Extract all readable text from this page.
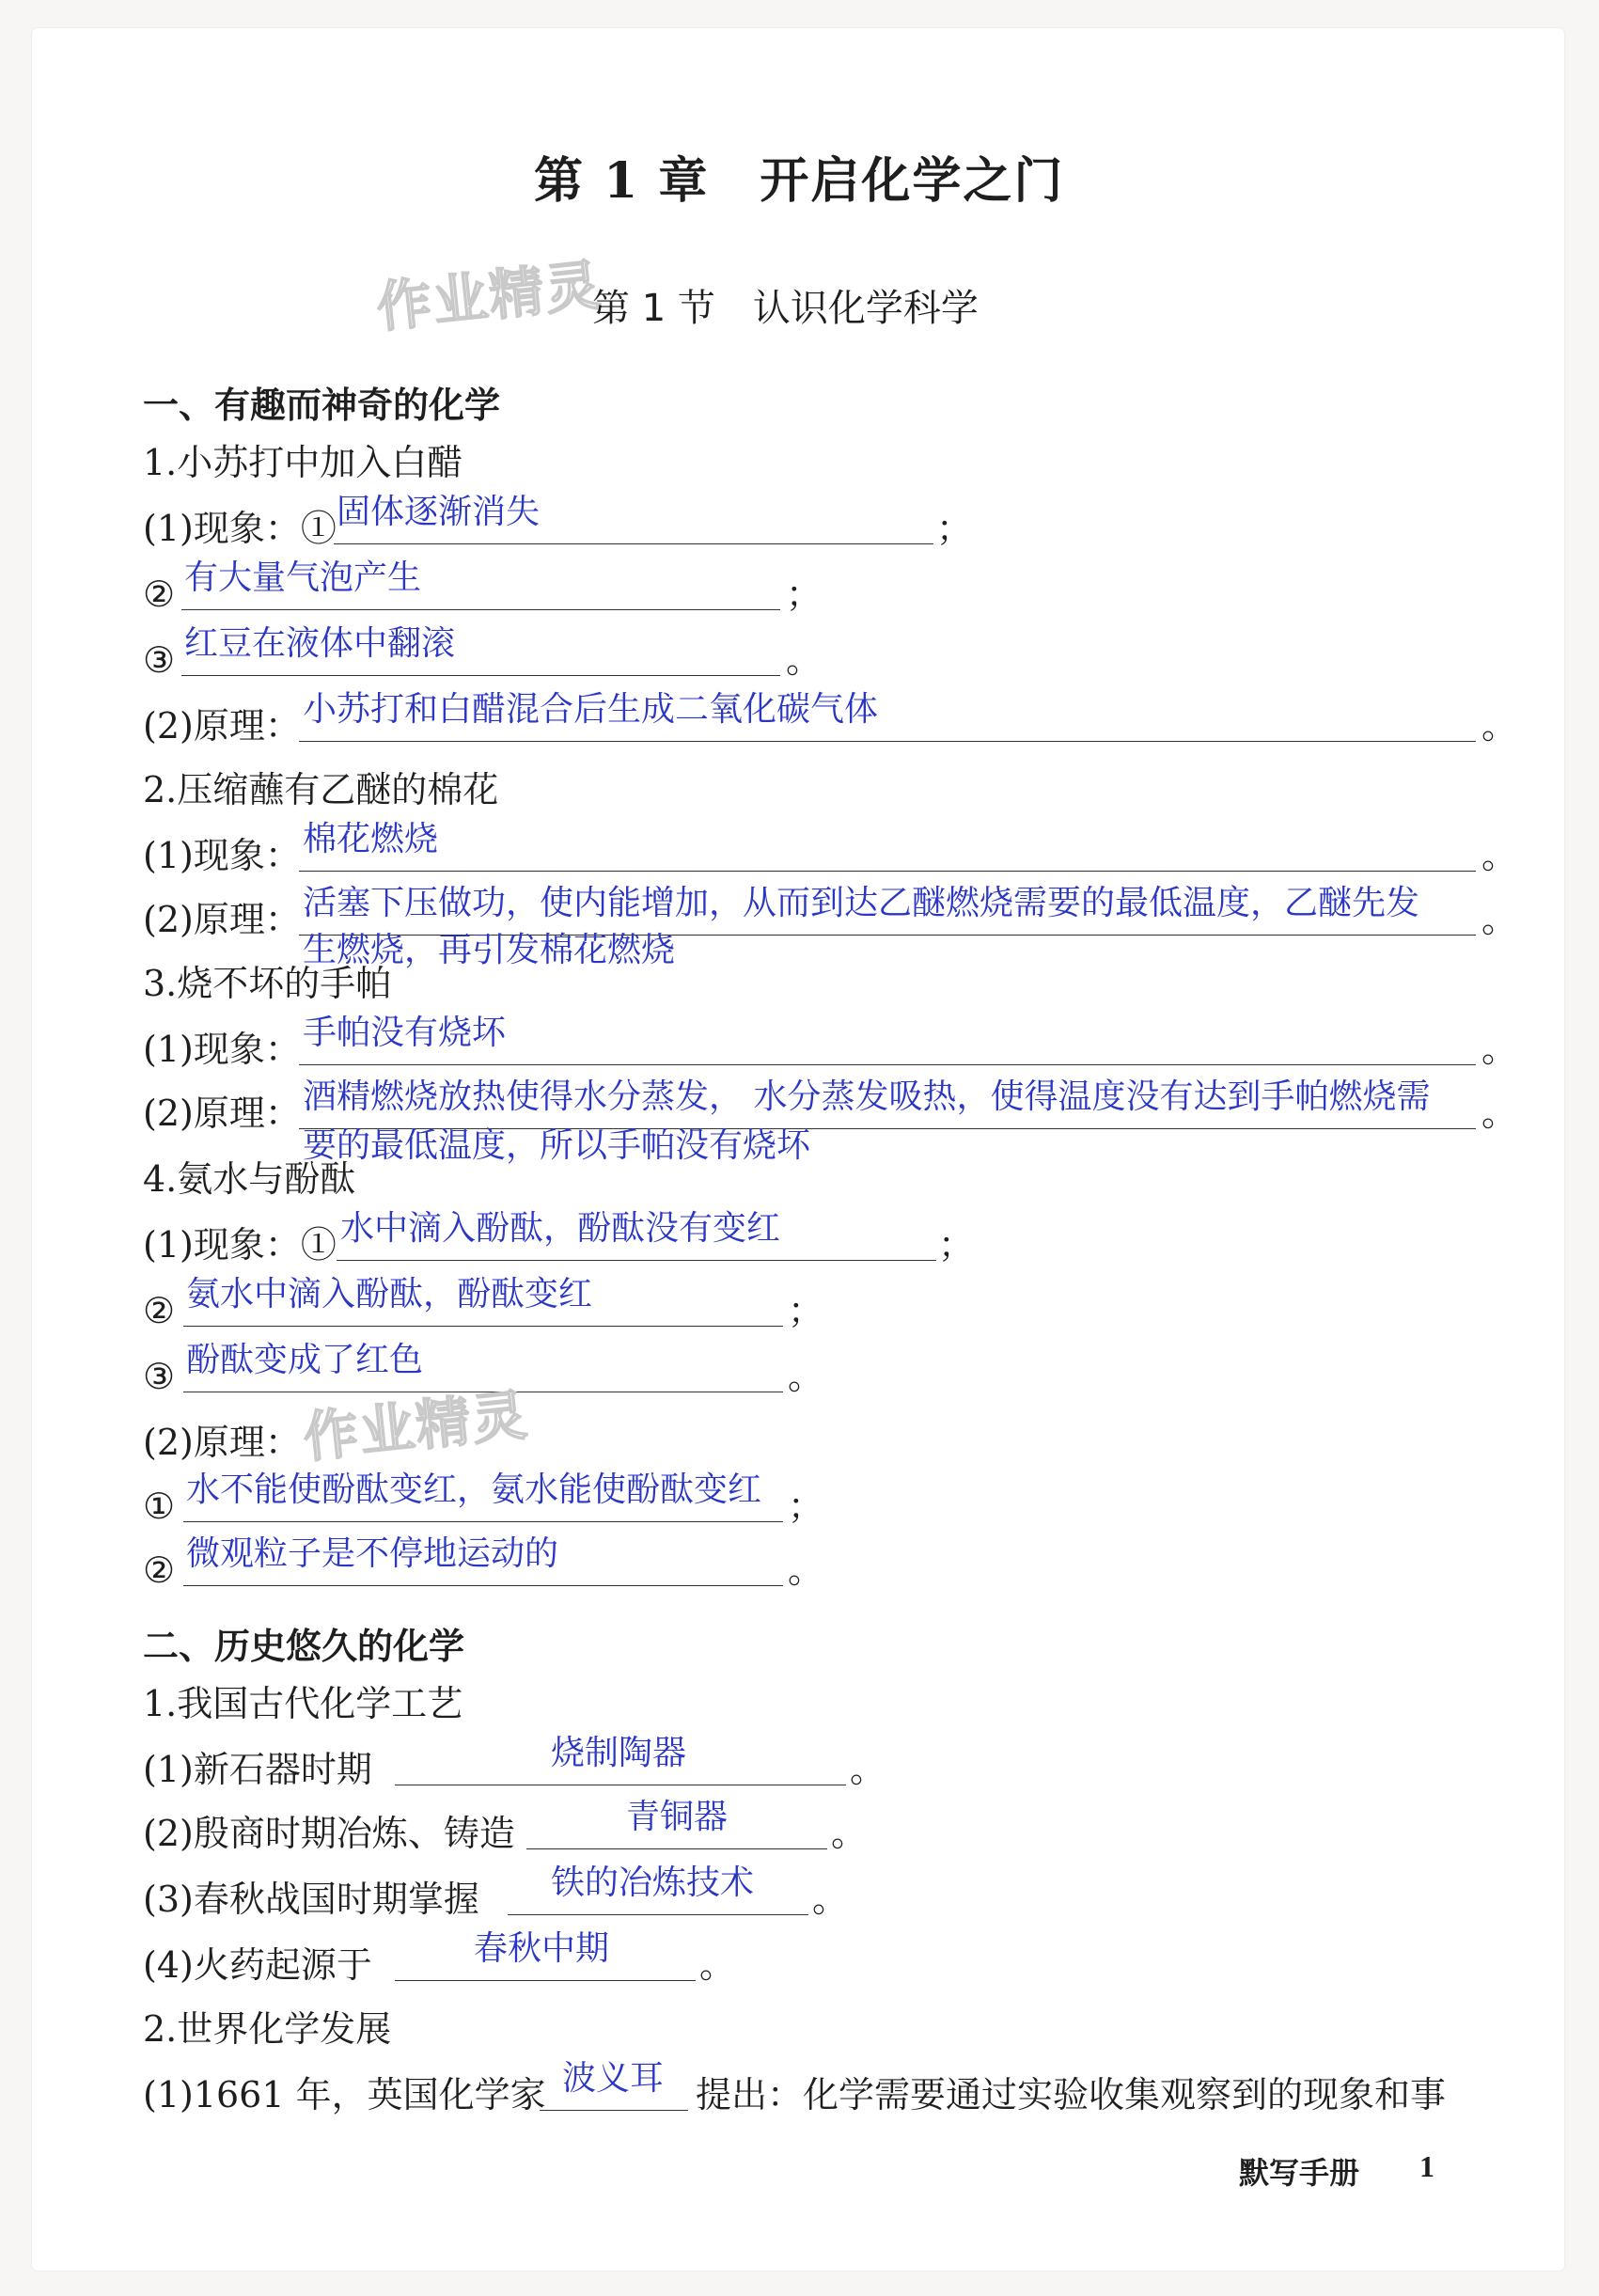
第 1 章　开启化学之门
作业精灵
第 1 节　认识化学科学
一、有趣而神奇的化学
1.小苏打中加入白醋
(1)现象：① 固体逐渐消失	；
② 有大量气泡产生	；
③ 红豆在液体中翻滚	。
(2)原理： 小苏打和白醋混合后生成二氧化碳气体	。
2.压缩蘸有乙醚的棉花
(1)现象： 棉花燃烧	。
(2)原理： 活塞下压做功，使内能增加，从而到达乙醚燃烧需要的最低温度，乙醚先发 。
生燃烧，再引发棉花燃烧
3.烧不坏的手帕
(1)现象： 手帕没有烧坏	。
(2)原理： 酒精燃烧放热使得水分蒸发， 水分蒸发吸热，使得温度没有达到手帕燃烧需 。
要的最低温度，所以手帕没有烧坏
4.氨水与酚酞
(1)现象：① 水中滴入酚酞，酚酞没有变红	；
② 氨水中滴入酚酞，酚酞变红	；
③ 酚酞变成了红色	。
(2)原理： 作业精灵
① 水不能使酚酞变红，氨水能使酚酞变红 ；
② 微观粒子是不停地运动的	。
二、历史悠久的化学
1.我国古代化学工艺
(1)新石器时期	烧制陶器	。
(2)殷商时期冶炼、铸造	青铜器	。
(3)春秋战国时期掌握 铁的冶炼技术 。
(4)火药起源于	春秋中期	。
2.世界化学发展
(1)1661 年，英国化学家 波义耳 提出：化学需要通过实验收集观察到的现象和事
默写手册 1
